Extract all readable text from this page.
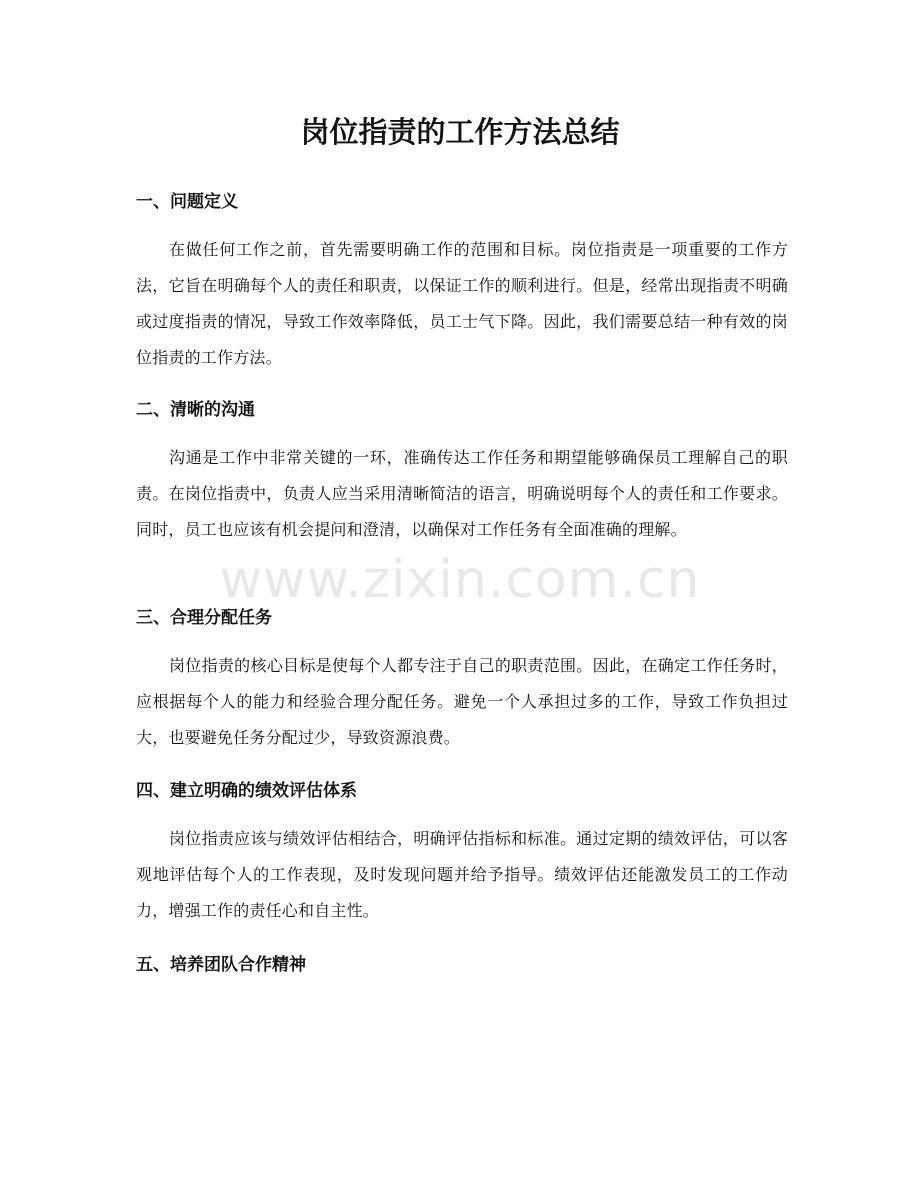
岗位指责的工作方法总结
一、问题定义

在做任何工作之前，首先需要明确工作的范围和目标。岗位指责是一项重要的工作方法，它旨在明确每个人的责任和职责，以保证工作的顺利进行。但是，经常出现指责不明确或过度指责的情况，导致工作效率降低，员工士气下降。因此，我们需要总结一种有效的岗位指责的工作方法。

二、清晰的沟通

沟通是工作中非常关键的一环，准确传达工作任务和期望能够确保员工理解自己的职责。在岗位指责中，负责人应当采用清晰简洁的语言，明确说明每个人的责任和工作要求。同时，员工也应该有机会提问和澄清，以确保对工作任务有全面准确的理解。

三、合理分配任务

岗位指责的核心目标是使每个人都专注于自己的职责范围。因此，在确定工作任务时，应根据每个人的能力和经验合理分配任务。避免一个人承担过多的工作，导致工作负担过大，也要避免任务分配过少，导致资源浪费。

四、建立明确的绩效评估体系

岗位指责应该与绩效评估相结合，明确评估指标和标准。通过定期的绩效评估，可以客观地评估每个人的工作表现，及时发现问题并给予指导。绩效评估还能激发员工的工作动力，增强工作的责任心和自主性。

五、培养团队合作精神
www.zixin.com.cn
